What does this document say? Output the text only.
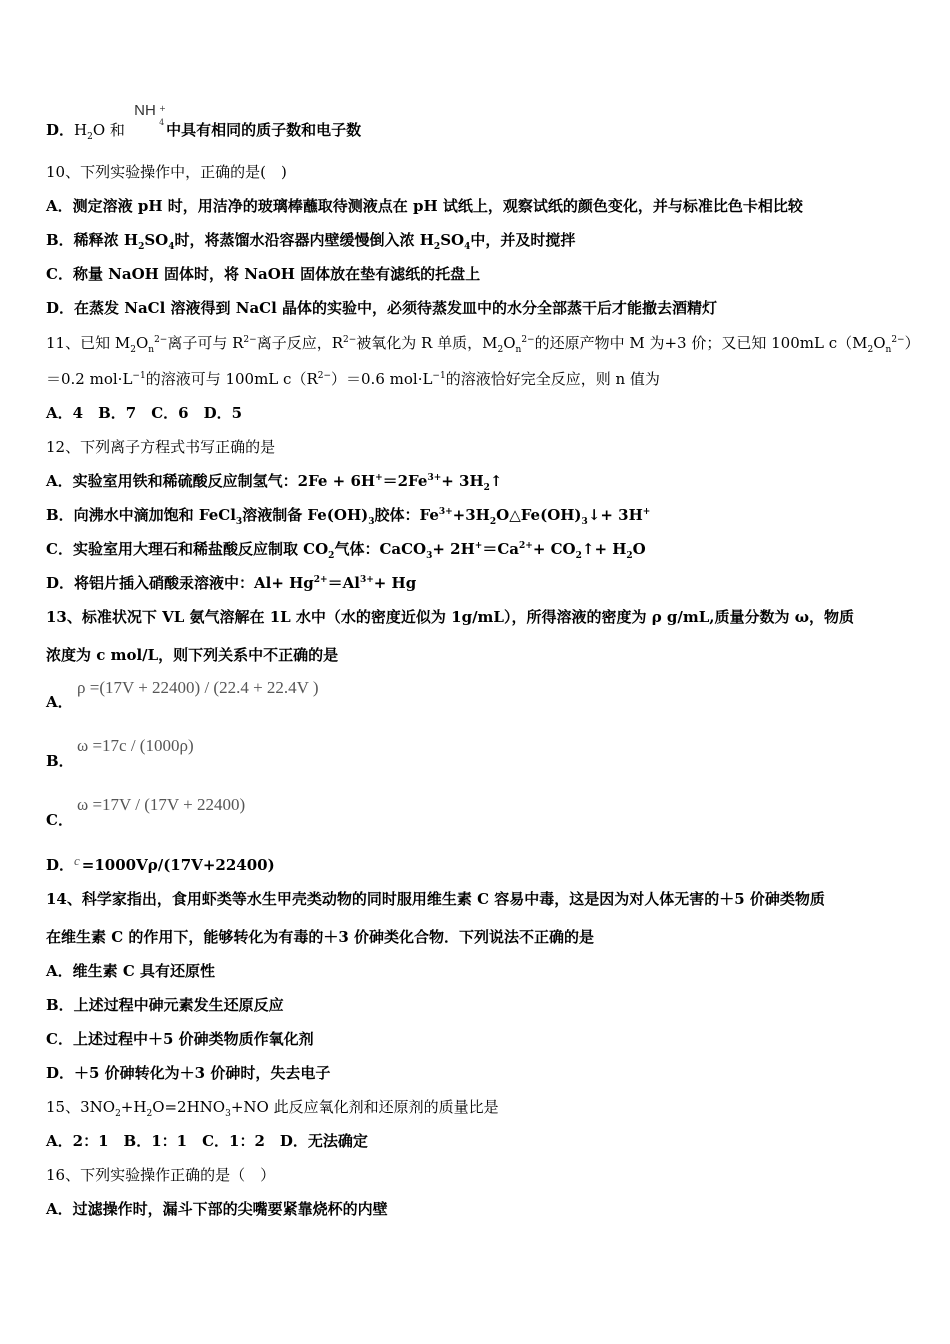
D．$H_2O$ 和
NH +
4 中具有相同的质子数和电子数
10、下列实验操作中，正确的是(　)
A．测定溶液 pH 时，用洁净的玻璃棒蘸取待测液点在 pH 试纸上，观察试纸的颜色变化，并与标准比色卡相比较
B．稀释浓 $H_2SO_4$时，将蒸馏水沿容器内壁缓慢倒入浓 $H_2SO_4$中，并及时搅拌
C．称量 NaOH 固体时，将 NaOH 固体放在垫有滤纸的托盘上
D．在蒸发 NaCl 溶液得到 NaCl 晶体的实验中，必须待蒸发皿中的水分全部蒸干后才能撤去酒精灯
11、已知 $M_2O_n^{2-}$离子可与 $R^{2-}$离子反应，$R^{2-}$被氧化为 R 单质，$M_2O_n^{2-}$的还原产物中 M 为+3 价；又已知 100mL $c(M_2O_n^{2-})$
＝0.2 $mol\cdot L^{-1}$的溶液可与 100mL $c(R^{2-})=0.6$ $mol\cdot L^{-1}$的溶液恰好完全反应，则 n 值为
A．4　B．7　C．6　D．5
12、下列离子方程式书写正确的是
A．实验室用铁和稀硫酸反应制氢气：$2Fe + 6H^+=2Fe^{3+}+$ $3H_2↑$
B．向沸水中滴加饱和 FeCl$_3$溶液制备 $Fe(OH)_3$胶体：$Fe^{3+}+3H_2O\triangle Fe(OH)_3↓+ 3H^+$
C．实验室用大理石和稀盐酸反应制取 $CO_2$气体：CaCO$_3$+ $2H^+=Ca^{2+}+$ $CO_2↑+ H_2O$
D．将铝片插入硝酸汞溶液中：$Al+ Hg^{2+}=Al^{3+}+ Hg$
13、标准状况下 VL 氨气溶解在 1L 水中（水的密度近似为 1g/mL），所得溶液的密度为 ρ g/mL,质量分数为 ω，物质
浓度为 c mol/L，则下列关系中不正确的是
A．
ρ =(17V + 22400) / (22.4 + 22.4V )
B．
ω =17c / (1000ρ)
C．
ω =17V / (17V + 22400)
D．c =1000Vρ/(17V+22400)
14、科学家指出，食用虾类等水生甲壳类动物的同时服用维生素 C 容易中毒，这是因为对人体无害的＋5 价砷类物质
在维生素 C 的作用下，能够转化为有毒的＋3 价砷类化合物．下列说法不正确的是
A．维生素 C 具有还原性
B．上述过程中砷元素发生还原反应
C．上述过程中＋5 价砷类物质作氧化剂
D．＋5 价砷转化为＋3 价砷时，失去电子
15、$3NO_2+H_2O=2HNO_3+NO$ 此反应氧化剂和还原剂的质量比是
A．2：1　B．1：1　C．1：2　D．无法确定
16、下列实验操作正确的是（　）
A．过滤操作时，漏斗下部的尖嘴要紧靠烧杯的内壁
